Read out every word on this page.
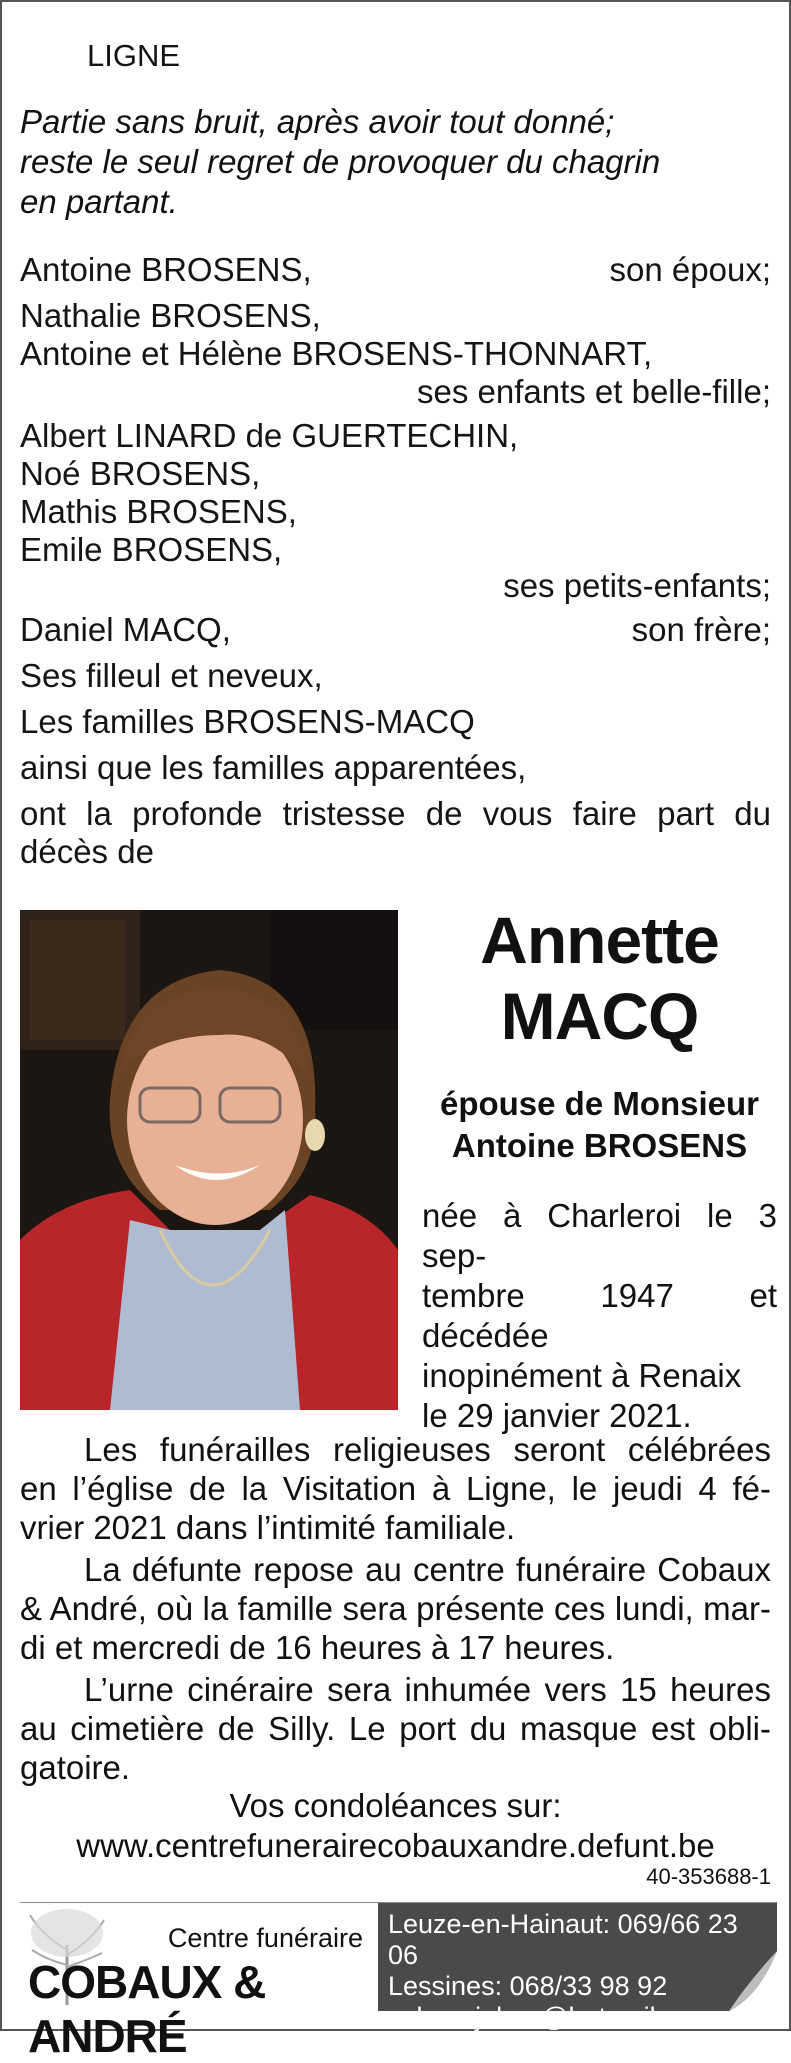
LIGNE
Partie sans bruit, après avoir tout donné;
reste le seul regret de provoquer du chagrin
en partant.
Antoine BROSENS,	son époux;
Nathalie BROSENS,
Antoine et Hélène BROSENS-THONNART,
ses enfants et belle-fille;
Albert LINARD de GUERTECHIN,
Noé BROSENS,
Mathis BROSENS,
Emile BROSENS,
ses petits-enfants;
Daniel MACQ,	son frère;
Ses filleul et neveux,
Les familles BROSENS-MACQ
ainsi que les familles apparentées,
ont la profonde tristesse de vous faire part du
décès de
Annette
MACQ
épouse de Monsieur
Antoine BROSENS
née à Charleroi le 3 sep-
tembre 1947 et décédée
inopinément à Renaix
le 29 janvier 2021.
Les funérailles religieuses seront célébrées
en l’église de la Visitation à Ligne, le jeudi 4 fé-
vrier 2021 dans l’intimité familiale.
La défunte repose au centre funéraire Cobaux
& André, où la famille sera présente ces lundi, mar-
di et mercredi de 16 heures à 17 heures.
L’urne cinéraire sera inhumée vers 15 heures
au cimetière de Silly. Le port du masque est obli-
gatoire.
Vos condoléances sur:
www.centrefunerairecobauxandre.defunt.be
40-353688-1
Centre funéraire
COBAUX & ANDRÉ
Leuze-en-Hainaut: 069/66 23 06
Lessines: 068/33 98 92
cobauxjohan@hotmail.com
